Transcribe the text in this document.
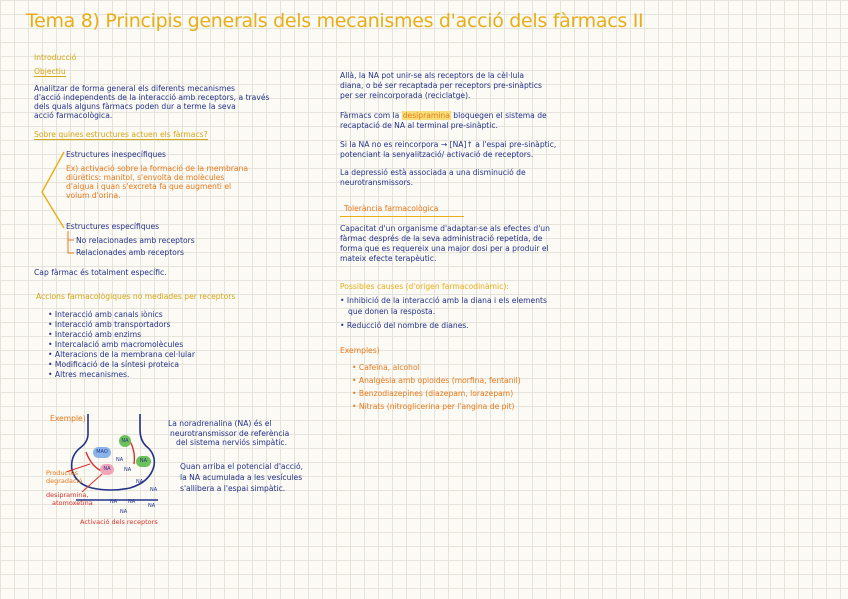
Tema 8) Principis generals dels mecanismes d'acció dels fàrmacs II
Introducció
Objectiu
Analitzar de forma general els diferents mecanismes
d'acció independents de la interacció amb receptors, a través
dels quals alguns fàrmacs poden dur a terme la seva
acció farmacològica.
Sobre quines estructures actuen els fàrmacs?
Estructures inespecífiques
Ex) activació sobre la formació de la membrana
diürètics: manitol, s'envolta de molècules
d'aigua i quan s'excreta fa que augmenti el
volum d'orina.
Estructures específiques
No relacionades amb receptors
Relacionades amb receptors
Cap fàrmac és totalment específic.
Accions farmacològiques no mediades per receptors
• Interacció amb canals iònics
• Interacció amb transportadors
• Interacció amb enzims
• Intercalació amb macromolècules
• Alteracions de la membrana cel·lular
• Modificació de la síntesi proteica
• Altres mecanismes.
Exemple)
NA
MAO
NA
NA
NA
NA
NA
NA
NA NA
NA
NA
Productes
degradació
desipramina,
atomoxetina
Activació dels receptors
La noradrenalina (NA) és el
neurotransmissor de referència
del sistema nerviós simpàtic.
Quan arriba el potencial d'acció,
la NA acumulada a les vesícules
s'allibera a l'espai simpàtic.
Allà, la NA pot unir-se als receptors de la cèl·lula
diana, o bé ser recaptada per receptors pre-sinàptics
per ser reincorporada (reciclatge).
Fàrmacs com la desipramina bloquegen el sistema de
recaptació de NA al terminal pre-sinàptic.
Si la NA no es reincorpora → [NA]↑ a l'espai pre-sinàptic,
potenciant la senyalització/ activació de receptors.
La depressió està associada a una disminució de
neurotransmissors.
Tolerància farmacològica
Capacitat d'un organisme d'adaptar-se als efectes d'un
fàrmac després de la seva administració repetida, de
forma que es requereix una major dosi per a produir el
mateix efecte terapèutic.
Possibles causes (d'origen farmacodinàmic):
• Inhibició de la interacció amb la diana i els elements
que donen la resposta.
• Reducció del nombre de dianes.
Exemples)
• Cafeïna, alcohol
• Analgèsia amb opioides (morfina, fentanil)
• Benzodiazepines (diazepam, lorazepam)
• Nitrats (nitroglicerina per l'angina de pit)
